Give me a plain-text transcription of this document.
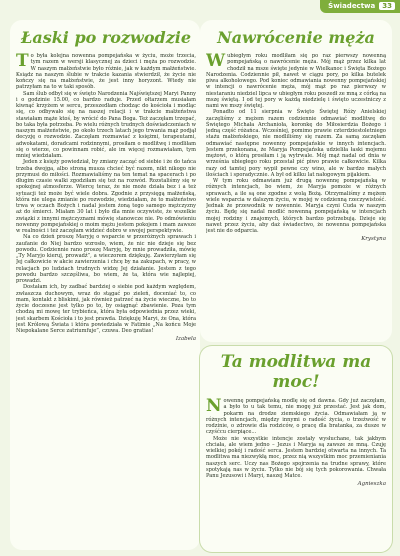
Świadectwa 33
Łaski po rozwodzie

To była kolejna nowenna pompejańska w życiu, może trzecia, tym razem w wersji klasycznej za dzieci i męża po rozwodzie. W naszym małżeństwie było różnie, jak w każdym małżeństwie. Ksiądz na naszym ślubie w trakcie kazania stwierdził, że życie nie kończy się na małżeństwie, że jest inny horyzont. Wtedy nie patrzyłam na to w taki sposób.

Sam ślub odbył się w święto Narodzenia Najświętszej Maryi Panny i o godzinie 15.00, co bardzo radujе. Przed ołtarzem musiałam kiwnąć krzyżem w sercu, przeszedłam chodząc do kościoła i modląc się, co odbywało się na naszej relacji i w trakcie małżeństwa stawiałam mąże ktoś, by wrócić do Pana Boga. Też zaczęłam trzepać, bo taka była potrzeba. Po wielu różnych trudnych doświadczeniach w naszym małżeństwie, po około trzech latach jego trwania mąż podjął decyzję o rozwodzie. Zaczęłam rozmawiać z księżmi, terapeutami, adwokatami, doradcami rodzinnymi, prosiłam o modlitwę i modliłam się o wierze, co powinnam robić, ale im więcej rozmawiałam, tym mniej wiedziałam.

Jeden z księży powiedział, by zmiany zacząć od siebie i że do tańca trzeba dwojga, albo stroną musza chcieć być razem, nikt nikogo nie przymusi do miłości. Rozmawialiśmy na ten temat na spacerach i po długim czasie walki zgodziłam się też na rozwód. Rozstaliśmy się w spokojnej atmosferze. Wiercę teraz, że nie może działa bez i a też sytuacji też może być wiele dobra. Zgodnie z przysięgą małżeńską, która nie ulega zmianie po rozwodzie, wiedziałam, że to małżeństwo trwa w oczach Bożych i nadal jestem żoną tego samego mężczyzny aż do śmierci. Miałam 30 lat i było dla mnie oczywiste, że wszelkie związki z innymi mężczyznami mówię stanowcze nie. Po odmówieniu nowenny pompejańskiej o moim mężu jestem pokojem i mam zawsze w realności i też zaczęłam widzieć dobro w swojej perspektywie.

Na co dzień proszę Maryję o wsparcie w przeróżnych sprawach i zaufanie do Niej bardzo wzrosło, wiem, że nic nie dzieje się bez powodu. Codziennie rano proszę Maryję, by mnie prowadziła, mówię „Ty Maryjo kieruj, prowadź”, a wieczorem dziękuję. Zawierzyłam się Jej całkowicie w akcie zawierzenia i chcę by na zakupach, w pracy, w relacjach po ludziach trudnych widzę Jej działanie. Jestem z tego powodu bardzo szczęśliwa, bo wiem, że ta, która wie najlepiej, prowadzi.

Dostałam ich, by zadbać bardziej o siebie pod każdym względem, zwłaszcza duchowym, wraz do stągać po zieleń, doceniać to, co mam, kontakt z bliskimi, jak również patrzeć na życie wieczne, bo to życie doczesne jest tylko po to, by osiągnąć zbawienie. Poza tym chodzą mi mowę ter trybieńca, która była odpowiednia przez wieki, jest skarbem Kościoła i to jest prawda. Dziękuję Maryi, że Ona, która jest Królową Świata i która powiedziała w Fatimie „Na końcu Moje Niepokalane Serce zatriumfuje”, czuwa. Deo gratias!

Izabela
Nawrócenie męża

Wubiegłym roku modliłam się po raz pierwszy nowenną pompejańską o nawrócenie męża. Mój mąż przez kilka lat chodził na msze święte jedynie w Wielkanoc i Święta Bożego Narodzenia. Codziennie pił, nawet w ciągu pory, po kilka butelek piwa alkoholowego. Pod koniec odmawiania nowenny pompejańskiej w intencji o nawrócenie męża, mój mąż po raz pierwszy w niestaraniu niedziel lipca w ubiegłym roku poszedł ze mną z córką na mszę świętą. I od tej pory w każdą niedzielę i święto uczestniczy z nami we mszy świętej.

Ponadto od 11 sierpnia w Święto Świętej Róży Anielskiej zaczęliśmy z mężem razem codziennie odmawiać modlitwę do Świętego Michała Archanioła, koronkę do Miłosierdzia Bożego i jedną część różańca. Wcześniej, pomimo prawie czterdziestoletniego stażu małżeńskiego, nie modliliśmy się razem. Za samą zaczęłam odmawiać następne nowenny pompejańskie w innych intencjach. Jestem przekonana, że Maryja Pompejańska udzieliła łaski mojemu mężowi, o którą prosiłam i ją wytrwale. Mój mąż nadal od dnia w września ubiegłego roku przestał pić piwo prawie całkowicie. Kilka razy od tamtej pory wypił pewne czy wino, ale w bardzo małych ilościach i sporadycznie. A był od kilku lat nałogowym pijakiem.

W tym roku odmawiam już drugą nowennę pompejańską w różnych intencjach, bo wiem, że Maryja pomoże w różnych sprawach, a ile są one zgodne z wolą Bożą. Otrzymaliśmy z mężem wiele wsparcia w dalszym życiu, w mojej w codzienną rzeczywistość. Jednak że przewodnik w nowennie. Maryja czyni Cuda w naszym życiu. Będę się nadal modlić nowenną pompejańską w intencjach mojej rodziny i znajomych, których bardzo potrzebują. Dzieje się nawet przez życiu, aby daż świadectwo, że nowenna pompejańska jest nie do odparcia.

Krystyna
Ta modlitwa ma moc!

Nowennę pompejańską modlę się od dawna. Gdy już zaczęłam, a było to u tak temu, nie mogę już przestać. Jest jak dom, pokarm na drodze ziemskiego życia. Odmawiałam ją w różnych intencjach, między innymi o radość życia, o trzeźwość w rodzinie, o zdrowie dla rodziców, o pracę dla bratanka, za dusze w czyśćcu cierpiące...

Może nie wszystkie intencje zostały wysłuchane, tak jakbym chciała, ale wiem jedno – Jezus i Maryja są zawsze ze mną. Czuję wielkiej pokój i radość serca. Jestem bardziej otwarta na innych. Ta modlitwa ma niezwykłą moc, przez nią wszystkim moc przemieniania naszych serc. Uczy nas Bożego spojrzenia na trudne sprawy, które spotykają nas w życiu. Tylko nie bój się tych pokorowania. Chwała Panu Jezusowi i Maryi, naszej Matce.

Agnieszka
